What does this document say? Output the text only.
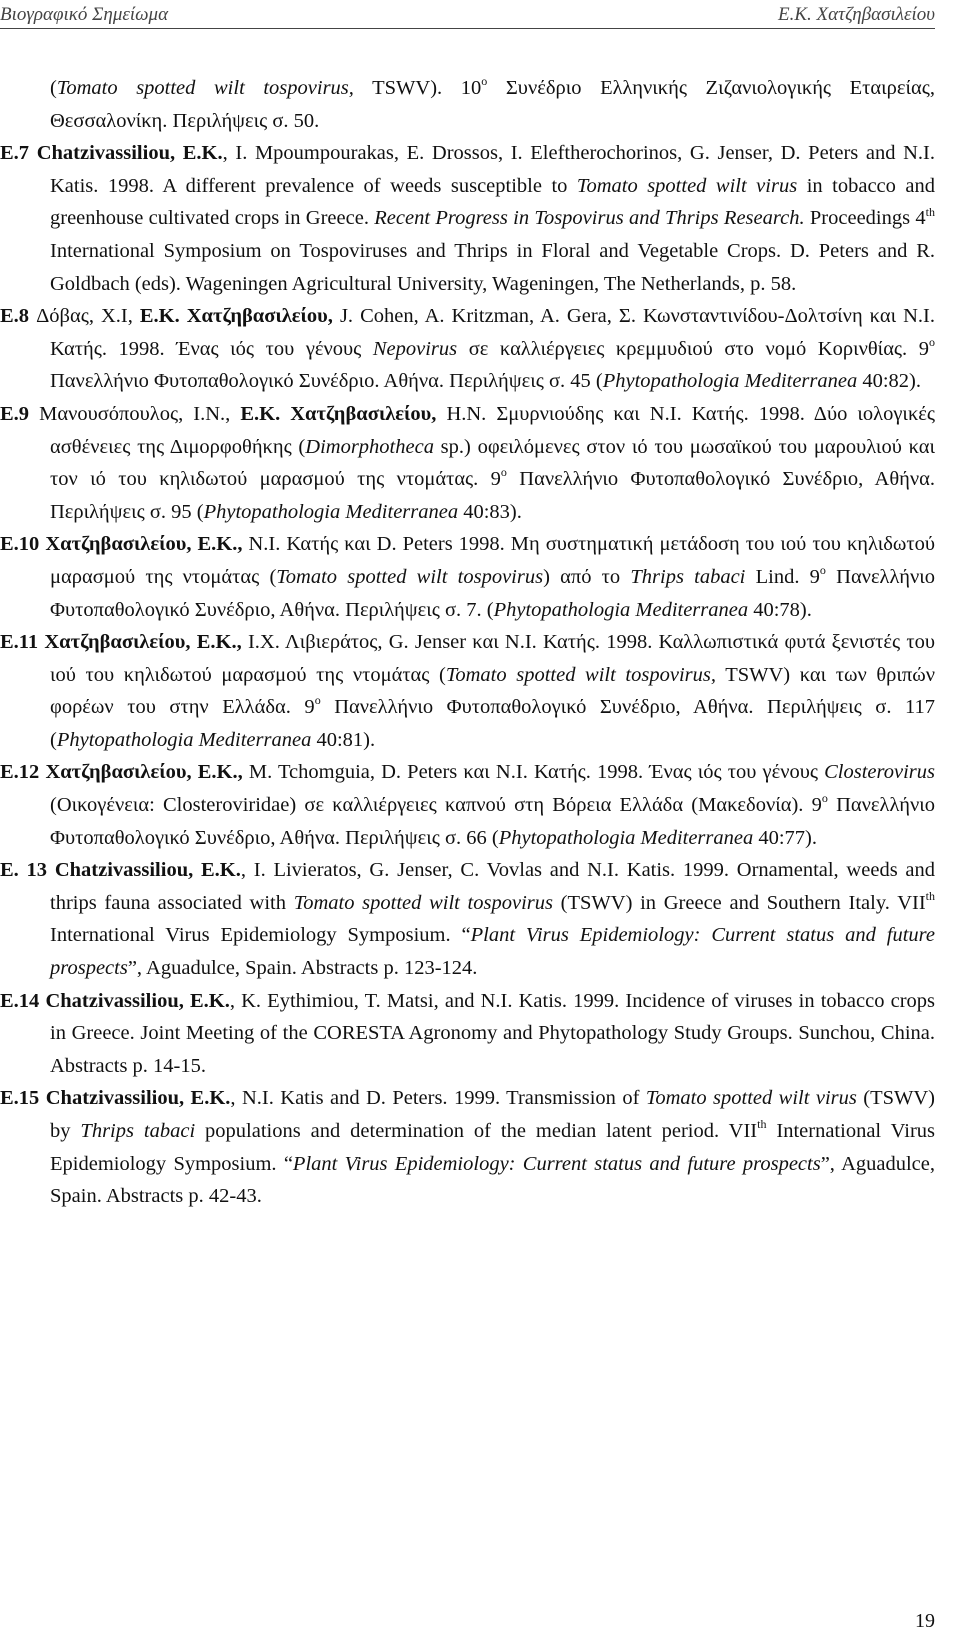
Βιογραφικό Σημείωμα	Ε.Κ. Χατζηβασιλείου

(Tomato spotted wilt tospovirus, TSWV). $10^o$ Συνέδριο Ελληνικής Ζιζανιολογικής Εταιρείας, Θεσσαλονίκη. Περιλήψεις σ. 50.

E.7 Chatzivassiliou, E.K., I. Mpoumpourakas, E. Drossos, I. Eleftherochorinos, G. Jenser, D. Peters and N.I. Katis. 1998. A different prevalence of weeds susceptible to Tomato spotted wilt virus in tobacco and greenhouse cultivated crops in Greece. Recent Progress in Tospovirus and Thrips Research. Proceedings 4th International Symposium on Tospoviruses and Thrips in Floral and Vegetable Crops. D. Peters and R. Goldbach (eds). Wageningen Agricultural University, Wageningen, The Netherlands, p. 58.

E.8 Δόβας, Χ.Ι, Ε.Κ. Χατζηβασιλείου, J. Cohen, A. Kritzman, A. Gera, Σ. Κωνσταντινίδου-Δολτσίνη και Ν.Ι. Κατής. 1998. Ένας ιός του γένους Nepovirus σε καλλιέργειες κρεμμυδιού στο νομό Κορινθίας. $9^o$ Πανελλήνιο Φυτοπαθολογικό Συνέδριο. Αθήνα. Περιλήψεις σ. 45 (Phytopathologia Mediterranea 40:82).

E.9 Μανουσόπουλος, Ι.Ν., Ε.Κ. Χατζηβασιλείου, Η.Ν. Σμυρνιούδης και Ν.Ι. Κατής. 1998. Δύο ιολογικές ασθένειες της Διμορφοθήκης (Dimorphotheca sp.) οφειλόμενες στον ιό του μωσαϊκού του μαρουλιού και τον ιό του κηλιδωτού μαρασμού της ντομάτας. $9^o$ Πανελλήνιο Φυτοπαθολογικό Συνέδριο, Αθήνα. Περιλήψεις σ. 95 (Phytopathologia Mediterranea 40:83).

E.10 Χατζηβασιλείου, Ε.Κ., Ν.Ι. Κατής και D. Peters 1998. Μη συστηματική μετάδοση του ιού του κηλιδωτού μαρασμού της ντομάτας (Tomato spotted wilt tospovirus) από το Thrips tabaci Lind. $9^o$ Πανελλήνιο Φυτοπαθολογικό Συνέδριο, Αθήνα. Περιλήψεις σ. 7. (Phytopathologia Mediterranea 40:78).

E.11 Χατζηβασιλείου, Ε.Κ., Ι.Χ. Λιβιεράτος, G. Jenser και Ν.Ι. Κατής. 1998. Καλλωπιστικά φυτά ξενιστές του ιού του κηλιδωτού μαρασμού της ντομάτας (Tomato spotted wilt tospovirus, TSWV) και των θριπών φορέων του στην Ελλάδα. $9^o$ Πανελλήνιο Φυτοπαθολογικό Συνέδριο, Αθήνα. Περιλήψεις σ. 117 (Phytopathologia Mediterranea 40:81).

E.12 Χατζηβασιλείου, Ε.Κ., M. Tchomguia, D. Peters και Ν.Ι. Κατής. 1998. Ένας ιός του γένους Closterovirus (Οικογένεια: Closteroviridae) σε καλλιέργειες καπνού στη Βόρεια Ελλάδα (Μακεδονία). $9^o$ Πανελλήνιο Φυτοπαθολογικό Συνέδριο, Αθήνα. Περιλήψεις σ. 66 (Phytopathologia Mediterranea 40:77).

E. 13 Chatzivassiliou, E.K., I. Livieratos, G. Jenser, C. Vovlas and N.I. Katis. 1999. Ornamental, weeds and thrips fauna associated with Tomato spotted wilt tospovirus (TSWV) in Greece and Southern Italy. VIIth International Virus Epidemiology Symposium. “Plant Virus Epidemiology: Current status and future prospects”, Aguadulce, Spain. Abstracts p. 123-124.

E.14 Chatzivassiliou, E.K., K. Eythimiou, T. Matsi, and N.I. Katis. 1999. Incidence of viruses in tobacco crops in Greece. Joint Meeting of the CORESTA Agronomy and Phytopathology Study Groups. Sunchou, China. Abstracts p. 14-15.

E.15 Chatzivassiliou, E.K., N.I. Katis and D. Peters. 1999. Transmission of Tomato spotted wilt virus (TSWV) by Thrips tabaci populations and determination of the median latent period. VIIth International Virus Epidemiology Symposium. “Plant Virus Epidemiology: Current status and future prospects”, Aguadulce, Spain. Abstracts p. 42-43.

19
